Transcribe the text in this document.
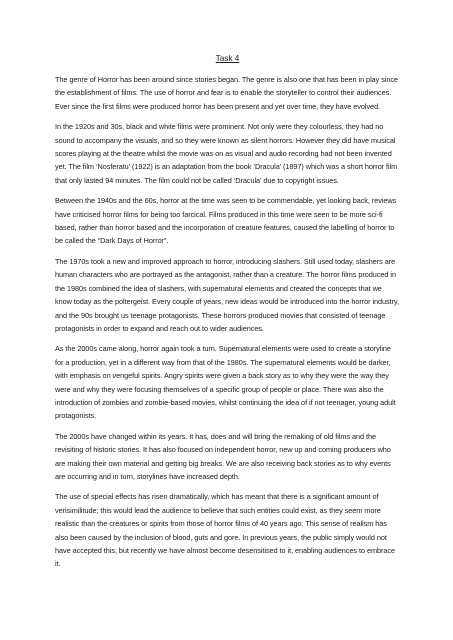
Task 4

The genre of Horror has been around since stories began. The genre is also one that has been in play since the establishment of films. The use of horror and fear is to enable the storyteller to control their audiences. Ever since the first films were produced horror has been present and yet over time, they have evolved.

In the 1920s and 30s, black and white films were prominent. Not only were they colourless, they had no sound to accompany the visuals, and so they were known as silent horrors. However they did have musical scores playing at the theatre whilst the movie was on as visual and audio recording had not been invented yet. The film ‘Nosferatu’ (1922) is an adaptation from the book ‘Dracula’ (1897) which was a short horror film that only lasted 94 minutes. The film could not be called ‘Dracula’ due to copyright issues.

Between the 1940s and the 60s, horror at the time was seen to be commendable, yet looking back, reviews have criticised horror films for being too farcical. Films produced in this time were seen to be more sci-fi based, rather than horror based and the incorporation of creature features, caused the labelling of horror to be called the “Dark Days of Horror”.

The 1970s took a new and improved approach to horror, introducing slashers. Still used today, slashers are human characters who are portrayed as the antagonist, rather than a creature. The horror films produced in the 1980s combined the idea of slashers, with supernatural elements and created the concepts that we know today as the poltergeist. Every couple of years, new ideas would be introduced into the horror industry, and the 90s brought us teenage protagonists. These horrors produced movies that consisted of teenage protagonists in order to expand and reach out to wider audiences.

As the 2000s came along, horror again took a turn. Supernatural elements were used to create a storyline for a production, yet in a different way from that of the 1980s. The supernatural elements would be darker, with emphasis on vengeful spirits. Angry spirits were given a back story as to why they were the way they were and why they were focusing themselves of a specific group of people or place. There was also the introduction of zombies and zombie-based movies, whilst continuing the idea of if not teenager, young adult protagonists.

The 2000s have changed within its years. It has, does and will bring the remaking of old films and the revisiting of historic stories. It has also focused on independent horror, new up and coming producers who are making their own material and getting big breaks. We are also receiving back stories as to why events are occurring and in turn, storylines have increased depth.

The use of special effects has risen dramatically, which has meant that there is a significant amount of verisimilitude; this would lead the audience to believe that such entities could exist, as they seem more realistic than the creatures or spirits from those of horror films of 40 years ago. This sense of realism has also been caused by the inclusion of blood, guts and gore. In previous years, the public simply would not have accepted this, but recently we have almost become desensitised to it, enabling audiences to embrace it.
